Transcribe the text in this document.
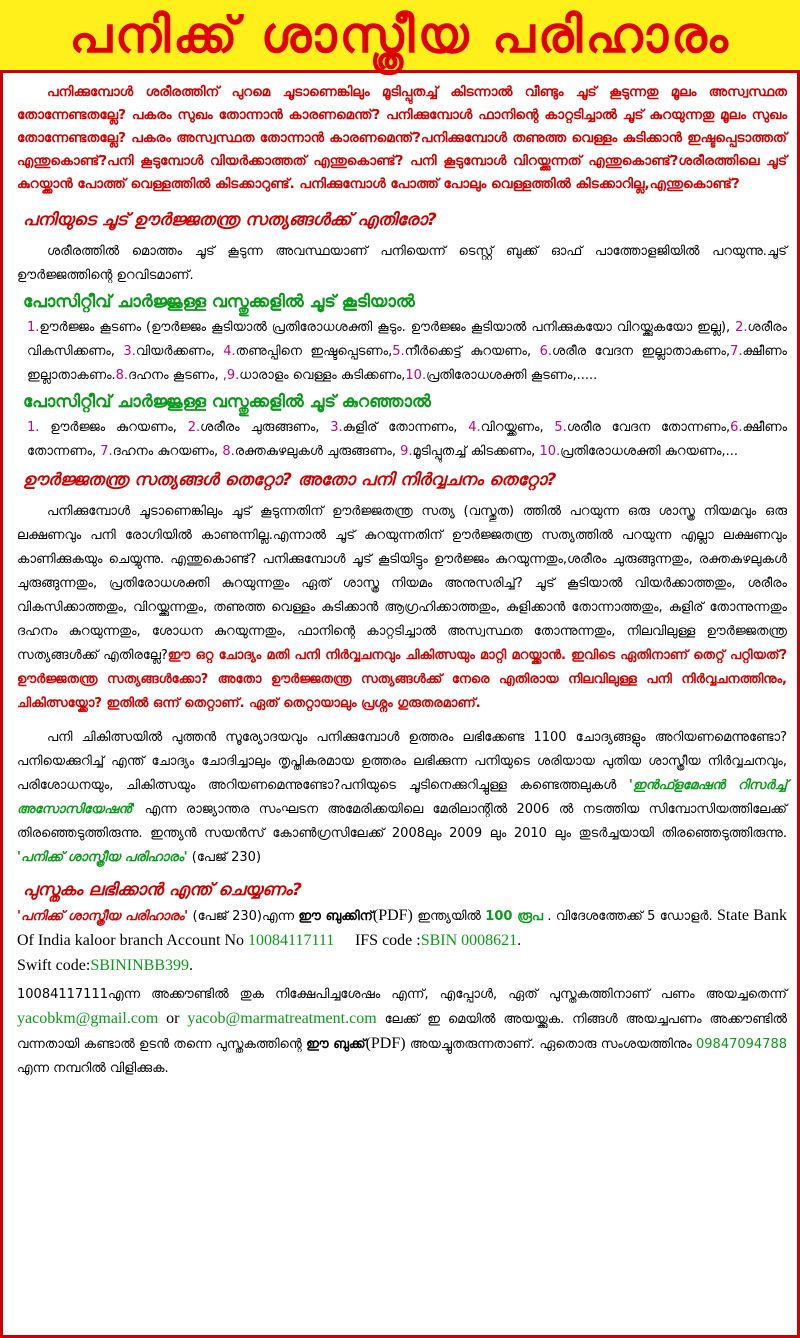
പനിക്ക് ശാസ്ത്രീയ പരിഹാരം

പനിക്കുമ്പോൾ ശരീരത്തിന് പുറമെ ചൂടാണെങ്കിലും മൂടിപ്പുതച്ച് കിടന്നാൽ വീണ്ടും ചൂട് കൂടുന്നതു മൂലം അസ്വസ്ഥത തോന്നേണ്ടതല്ലേ? പകരം സുഖം തോന്നാൻ കാരണമെന്ത്? പനിക്കുമ്പോൾ ഫാനിന്റെ കാറ്റടിച്ചാൽ ചൂട് കുറയുന്നതു മൂലം സുഖം തോന്നേണ്ടതല്ലേ? പകരം അസ്വസ്ഥത തോന്നാൻ കാരണമെന്ത്?പനിക്കുമ്പോൾ തണുത്ത വെള്ളം കുടിക്കാൻ ഇഷ്ടപ്പെടാത്തത് എന്തുകൊണ്ട്?പനി കൂടുമ്പോൾ വിയർക്കാത്തത് എന്തുകൊണ്ട്? പനി കൂടുമ്പോൾ വിറയ്ക്കുന്നത് എന്തുകൊണ്ട്?ശരീരത്തിലെ ചൂട് കുറയ്ക്കാൻ പോത്ത് വെള്ളത്തിൽ കിടക്കാറുണ്ട്. പനിക്കുമ്പോൾ പോത്ത് പോലും വെള്ളത്തിൽ കിടക്കാറില്ല,എന്തുകൊണ്ട്?

പനിയുടെ ചൂട് ഊർജ്ജതന്ത്ര സത്യങ്ങൾക്ക് എതിരോ?

ശരീരത്തിൽ മൊത്തം ചൂട് കൂടുന്ന അവസ്ഥയാണ് പനിയെന്ന് ടെസ്റ്റ് ബുക്ക് ഓഫ് പാത്തോളജിയിൽ പറയുന്നു.ചൂട് ഊർജ്ജത്തിന്റെ ഉറവിടമാണ്.

പോസിറ്റീവ് ചാർജ്ജുള്ള വസ്തുക്കളിൽ ചൂട് കൂടിയാൽ

1.ഊർജ്ജം കൂടണം (ഊർജ്ജം കൂടിയാൽ പ്രതിരോധശക്തി കൂടും. ഊർജ്ജം കൂടിയാൽ പനിക്കുകയോ വിറയ്ക്കുകയോ ഇല്ല), 2.ശരീരം വികസിക്കണം, 3.വിയർക്കണം, 4.തണുപ്പിനെ ഇഷ്ടപ്പെടണം,5.നീർക്കെട്ട് കുറയണം, 6.ശരീര വേദന ഇല്ലാതാകണം,7.ക്ഷീണം ഇല്ലാതാകണം.8.ദഹനം കൂടണം, ,9.ധാരാളം വെള്ളം കുടിക്കണം,10.പ്രതിരോധശക്തി കൂടണം,.....

പോസിറ്റീവ് ചാർജ്ജുള്ള വസ്തുക്കളിൽ ചൂട് കുറഞ്ഞാൽ

1. ഊർജ്ജം കുറയണം, 2.ശരീരം ചുരുങ്ങണം, 3.കുളിര് തോന്നണം, 4.വിറയ്ക്കണം, 5.ശരീര വേദന തോന്നണം,6.ക്ഷീണം തോന്നണം, 7.ദഹനം കുറയണം, 8.രക്തകുഴലുകൾ ചുരുങ്ങണം, 9.മൂടിപ്പുതച്ച് കിടക്കണം, 10.പ്രതിരോധശക്തി കുറയണം,...

ഊർജ്ജതന്ത്ര സത്യങ്ങൾ തെറ്റോ? അതോ പനി നിർവ്വചനം തെറ്റോ?

പനിക്കുമ്പോൾ ചൂടാണെങ്കിലും ചൂട് കൂടുന്നതിന് ഊർജ്ജതന്ത്ര സത്യ (വസ്തുത) ത്തിൽ പറയുന്ന ഒരു ശാസ്ത്ര നിയമവും ഒരു ലക്ഷണവും പനി രോഗിയിൽ കാണുന്നില്ല.എന്നാൽ ചൂട് കുറയുന്നതിന് ഊർജ്ജതന്ത്ര സത്യത്തിൽ പറയുന്ന എല്ലാ ലക്ഷണവും കാണിക്കുകയും ചെയ്യുന്നു. എന്തുകൊണ്ട്? പനിക്കുമ്പോൾ ചൂട് കൂടിയിട്ടും ഊർജ്ജം കുറയുന്നതും,ശരീരം ചുരുങ്ങുന്നതും, രക്തകുഴലുകൾ ചുരുങ്ങുന്നതും, പ്രതിരോധശക്തി കുറയുന്നതും ഏത് ശാസ്ത്ര നിയമം അനുസരിച്ച്? ചൂട് കൂടിയാൽ വിയർക്കാത്തതും, ശരീരം വികസിക്കാത്തതും, വിറയ്ക്കുന്നതും, തണുത്ത വെള്ളം കുടിക്കാൻ ആഗ്രഹിക്കാത്തതും, കുളിക്കാൻ തോന്നാത്തതും, കുളിര് തോന്നുന്നതും ദഹനം കുറയുന്നതും, ശോധന കുറയുന്നതും, ഫാനിന്റെ കാറ്റടിച്ചാൽ അസ്വസ്ഥത തോന്നുന്നതും, നിലവിലുള്ള ഊർജ്ജതന്ത്ര സത്യങ്ങൾക്ക് എതിരല്ലേ?ഈ ഒറ്റ ചോദ്യം മതി പനി നിർവ്വചനവും ചികിത്സയും മാറ്റി മറയ്ക്കാൻ. ഇവിടെ ഏതിനാണ് തെറ്റ് പറ്റിയത്? ഊർജ്ജതന്ത്ര സത്യങ്ങൾക്കോ? അതോ ഊർജ്ജതന്ത്ര സത്യങ്ങൾക്ക് നേരെ എതിരായ നിലവിലുള്ള പനി നിർവ്വചനത്തിനും, ചികിത്സയ്ക്കോ? ഇതിൽ ഒന്ന് തെറ്റാണ്. ഏത് തെറ്റായാലും പ്രശ്നം ഗുരുതരമാണ്.

പനി ചികിത്സയിൽ പുത്തൻ സൂര്യോദയവും പനിക്കുമ്പോൾ ഉത്തരം ലഭിക്കേണ്ട 1100 ചോദ്യങ്ങളും അറിയണമെന്നുണ്ടോ? പനിയെക്കുറിച്ച് എന്ത് ചോദ്യം ചോദിച്ചാലും തൃപ്തികരമായ ഉത്തരം ലഭിക്കുന്ന പനിയുടെ ശരിയായ പുതിയ ശാസ്ത്രീയ നിർവ്വചനവും, പരിശോധനയും, ചികിത്സയും അറിയണമെന്നുണ്ടോ?പനിയുടെ ചൂടിനെക്കുറിച്ചുള്ള കണ്ടെത്തലുകൾ 'ഇൻഫ്ളമേഷൻ റിസർച്ച് അസോസിയേഷൻ' എന്ന രാജ്യാന്തര സംഘടന അമേരിക്കയിലെ മേരിലാന്റിൽ 2006 ൽ നടത്തിയ സിമ്പോസിയത്തിലേക്ക് തിരഞ്ഞെടുത്തിരുന്നു. ഇന്ത്യൻ സയൻസ് കോൺഗ്രസിലേക്ക് 2008ലും 2009 ലും 2010 ലും തുടർച്ചയായി തിരഞ്ഞെടുത്തിരുന്നു. 'പനിക്ക് ശാസ്ത്രീയ പരിഹാരം' (പേജ് 230)

പുസ്തകം ലഭിക്കാൻ എന്ത് ചെയ്യണം?

'പനിക്ക് ശാസ്ത്രീയ പരിഹാരം' (പേജ് 230)എന്ന ഈ ബുക്കിന്(PDF) ഇന്ത്യയിൽ 100 രൂപ . വിദേശത്തേക്ക് 5 ഡോളർ. State Bank Of India kaloor branch Account No 10084117111 IFS code :SBIN 0008621.
Swift code:SBININBB399.

10084117111എന്ന അക്കൗണ്ടിൽ തുക നിക്ഷേപിച്ചശേഷം എന്ന്, എപ്പോൾ, ഏത് പുസ്തകത്തിനാണ് പണം അയച്ചതെന്ന് yacobkm@gmail.com or yacob@marmatreatment.com ലേക്ക് ഇ മെയിൽ അയയ്ക്കുക. നിങ്ങൾ അയച്ചപണം അക്കൗണ്ടിൽ വന്നതായി കണ്ടാൽ ഉടൻ തന്നെ പുസ്തകത്തിന്റെ ഈ ബുക്ക്(PDF) അയച്ചുതരുന്നതാണ്. ഏതൊരു സംശയത്തിനും 09847094788 എന്ന നമ്പറിൽ വിളിക്കുക.
